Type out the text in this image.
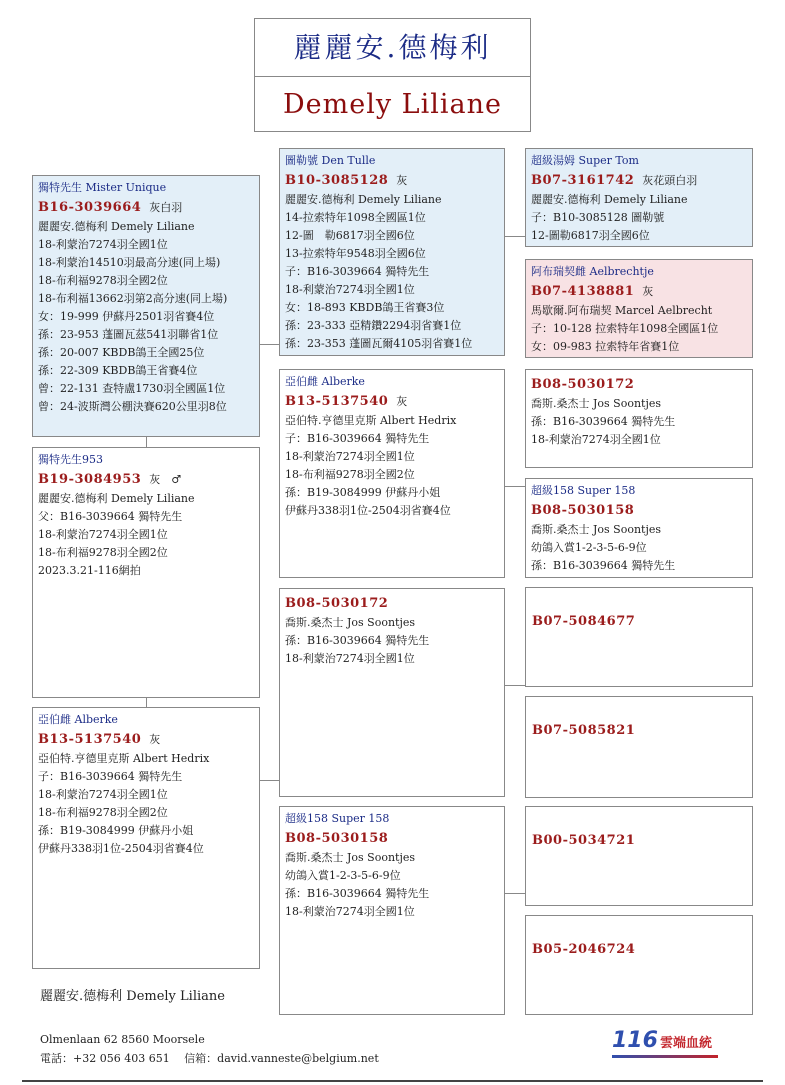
麗麗安.德梅利
Demely Liliane
獨特先生 Mister Unique
B16-3039664 灰白羽
麗麗安.德梅利 Demely Liliane
18-利蒙治7274羽全國1位
18-利蒙治14510羽最高分速(同上場)
18-布利福9278羽全國2位
18-布利福13662羽第2高分速(同上場)
女：19-999 伊蘇丹2501羽省賽4位
孫：23-953 蓬圖瓦茲541羽聯省1位
孫：20-007 KBDB鴿王全國25位
孫：22-309 KBDB鴿王省賽4位
曾：22-131 查特盧1730羽全國區1位
曾：24-波斯灣公棚決賽620公里羽8位
獨特先生953
B19-3084953 灰　♂
麗麗安.德梅利 Demely Liliane
父：B16-3039664 獨特先生
18-利蒙治7274羽全國1位
18-布利福9278羽全國2位
2023.3.21-116網拍
亞伯雌 Alberke
B13-5137540 灰
亞伯特.亨德里克斯 Albert Hedrix
子：B16-3039664 獨特先生
18-利蒙治7274羽全國1位
18-布利福9278羽全國2位
孫：B19-3084999 伊蘇丹小姐
伊蘇丹338羽1位-2504羽省賽4位
圖勒號 Den Tulle
B10-3085128 灰
麗麗安.德梅利 Demely Liliane
14-拉索特年1098全國區1位
12-圖　勒6817羽全國6位
13-拉索特年9548羽全國6位
子：B16-3039664 獨特先生
18-利蒙治7274羽全國1位
女：18-893 KBDB鴿王省賽3位
孫：23-333 亞精鑽2294羽省賽1位
孫：23-353 蓬圖瓦爾4105羽省賽1位
亞伯雌 Alberke
B13-5137540 灰
亞伯特.亨德里克斯 Albert Hedrix
子：B16-3039664 獨特先生
18-利蒙治7274羽全國1位
18-布利福9278羽全國2位
孫：B19-3084999 伊蘇丹小姐
伊蘇丹338羽1位-2504羽省賽4位
B08-5030172
喬斯.桑杰士 Jos Soontjes
孫：B16-3039664 獨特先生
18-利蒙治7274羽全國1位
超級158 Super 158
B08-5030158
喬斯.桑杰士 Jos Soontjes
幼鴿入賞1-2-3-5-6-9位
孫：B16-3039664 獨特先生
18-利蒙治7274羽全國1位
超級湯姆 Super Tom
B07-3161742 灰花頭白羽
麗麗安.德梅利 Demely Liliane
子：B10-3085128 圖勒號
12-圖勒6817羽全國6位
阿布瑞契雌 Aelbrechtje
B07-4138881 灰
馬歇爾.阿布瑞契 Marcel Aelbrecht
子：10-128 拉索特年1098全國區1位
女：09-983 拉索特年省賽1位
B08-5030172
喬斯.桑杰士 Jos Soontjes
孫：B16-3039664 獨特先生
18-利蒙治7274羽全國1位
超級158 Super 158
B08-5030158
喬斯.桑杰士 Jos Soontjes
幼鴿入賞1-2-3-5-6-9位
孫：B16-3039664 獨特先生
B07-5084677
B07-5085821
B00-5034721
B05-2046724
麗麗安.德梅利 Demely Liliane
Olmenlaan 62 8560 Moorsele
電話：+32 056 403 651　 信箱：david.vanneste@belgium.net
116 雲端血統
